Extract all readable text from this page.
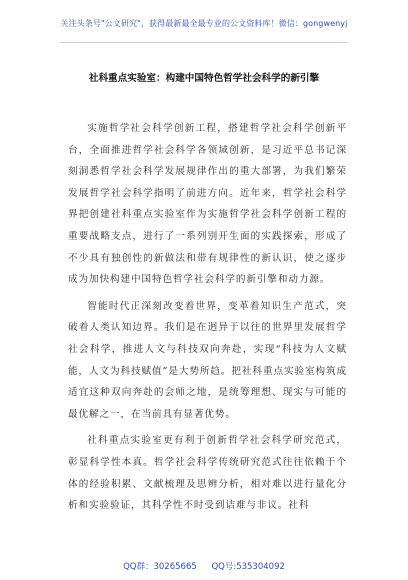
关注头条号"公文研究"，获得最新最全最专业的公文资料库！微信：gongwenyj
社科重点实验室：构建中国特色哲学社会科学的新引擎

实施哲学社会科学创新工程，搭建哲学社会科学创新平台，全面推进哲学社会科学各领域创新，是习近平总书记深刻洞悉哲学社会科学发展规律作出的重大部署，为我们繁荣发展哲学社会科学指明了前进方向。近年来，哲学社会科学界把创建社科重点实验室作为实施哲学社会科学创新工程的重要战略支点，进行了一系列别开生面的实践探索，形成了不少具有独创性的新做法和带有规律性的新认识，使之逐步成为加快构建中国特色哲学社会科学的新引擎和动力源。

智能时代正深刻改变着世界，变革着知识生产范式，突破着人类认知边界。我们是在迥异于以往的世界里发展哲学社会科学，推进人文与科技双向奔赴，实现“科技为人文赋能，人文为科技赋值”是大势所趋。把社科重点实验室构筑成适宜这种双向奔赴的会师之地，是统筹理想、现实与可能的最优解之一，在当前具有显著优势。

社科重点实验室更有利于创新哲学社会科学研究范式，彰显科学性本真。哲学社会科学传统研究范式往往依赖于个体的经验积累、文献梳理及思辨分析，相对难以进行量化分析和实验验证，其科学性不时受到诘难与非议。社科

QQ群：30265665 QQ号:535304092
